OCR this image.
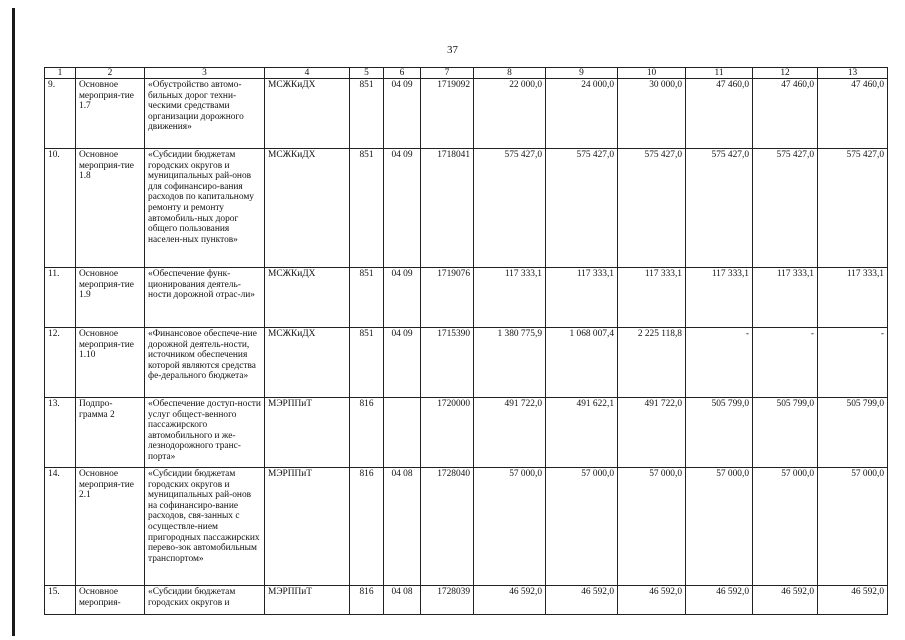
37
1	2	3	4	5	6	7	8	9	10	11	12	13
9.	Основное мероприя-тие 1.7	«Обустройство автомо-бильных дорог техни-ческими средствами организации дорожного движения»	МСЖКиДХ	851	04 09	1719092	22 000,0	24 000,0	30 000,0	47 460,0	47 460,0	47 460,0
10.	Основное мероприя-тие 1.8	«Субсидии бюджетам городских округов и муниципальных рай-онов для софинансиро-вания расходов по капитальному ремонту и ремонту автомобиль-ных дорог общего пользования населен-ных пунктов»	МСЖКиДХ	851	04 09	1718041	575 427,0	575 427,0	575 427,0	575 427,0	575 427,0	575 427,0
11.	Основное мероприя-тие 1.9	«Обеспечение функ-ционирования деятель-ности дорожной отрас-ли»	МСЖКиДХ	851	04 09	1719076	117 333,1	117 333,1	117 333,1	117 333,1	117 333,1	117 333,1
12.	Основное мероприя-тие 1.10	«Финансовое обеспече-ние дорожной деятель-ности, источником обеспечения которой являются средства фе-дерального бюджета»	МСЖКиДХ	851	04 09	1715390	1 380 775,9	1 068 007,4	2 225 118,8	-	-	-
13.	Подпро-грамма 2	«Обеспечение доступ-ности услуг общест-венного пассажирского автомобильного и же-лезнодорожного транс-порта»	МЭРППиТ	816		1720000	491 722,0	491 622,1	491 722,0	505 799,0	505 799,0	505 799,0
14.	Основное мероприя-тие 2.1	«Субсидии бюджетам городских округов и муниципальных рай-онов на софинансиро-вание расходов, свя-занных с осуществле-нием пригородных пассажирских перево-зок автомобильным транспортом»	МЭРППиТ	816	04 08	1728040	57 000,0	57 000,0	57 000,0	57 000,0	57 000,0	57 000,0
15.	Основное мероприя-	«Субсидии бюджетам городских округов и	МЭРППиТ	816	04 08	1728039	46 592,0	46 592,0	46 592,0	46 592,0	46 592,0	46 592,0
